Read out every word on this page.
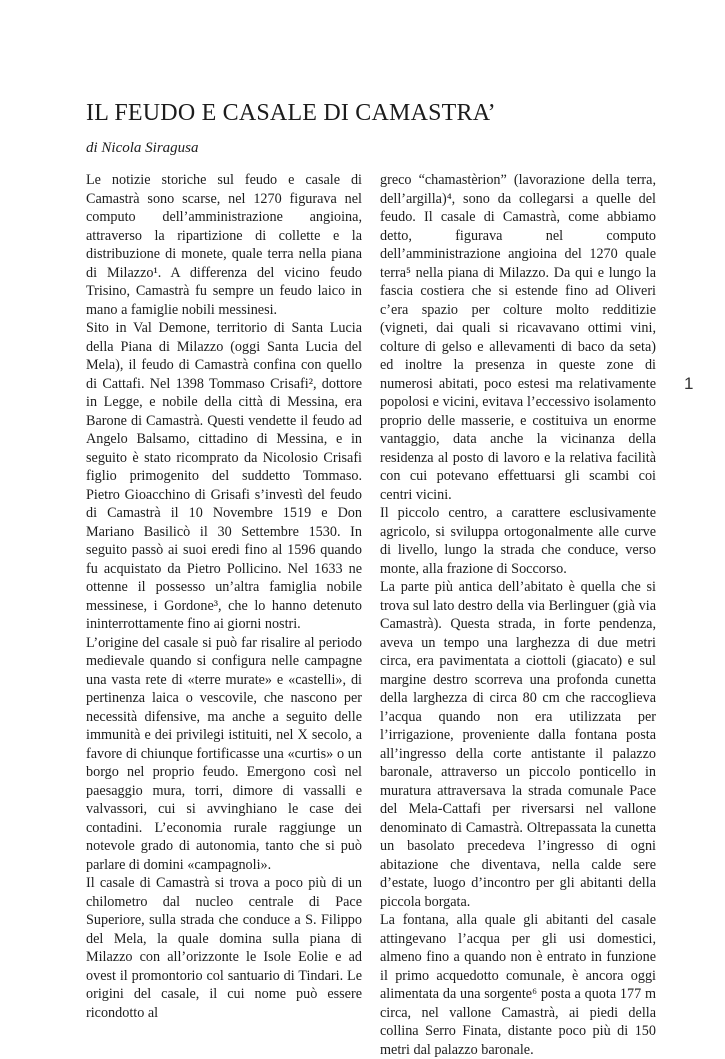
IL FEUDO E CASALE DI CAMASTRA’
di Nicola Siragusa

Le notizie storiche sul feudo e casale di Camastrà sono scarse, nel 1270 figurava nel computo dell’amministrazione angioina, attraverso la ripartizione di collette e la distribuzione di monete, quale terra nella piana di Milazzo¹. A differenza del vicino feudo Trisino, Camastrà fu sempre un feudo laico in mano a famiglie nobili messinesi.

Sito in Val Demone, territorio di Santa Lucia della Piana di Milazzo (oggi Santa Lucia del Mela), il feudo di Camastrà confina con quello di Cattafi. Nel 1398 Tommaso Crisafi², dottore in Legge, e nobile della città di Messina, era Barone di Camastrà. Questi vendette il feudo ad Angelo Balsamo, cittadino di Messina, e in seguito è stato ricomprato da Nicolosio Crisafi figlio primogenito del suddetto Tommaso. Pietro Gioacchino di Grisafi s’investì del feudo di Camastrà il 10 Novembre 1519 e Don Mariano Basilicò il 30 Settembre 1530. In seguito passò ai suoi eredi fino al 1596 quando fu acquistato da Pietro Pollicino. Nel 1633 ne ottenne il possesso un’altra famiglia nobile messinese, i Gordone³, che lo hanno detenuto ininterrottamente fino ai giorni nostri.

L’origine del casale si può far risalire al periodo medievale quando si configura nelle campagne una vasta rete di «terre murate» e «castelli», di pertinenza laica o vescovile, che nascono per necessità difensive, ma anche a seguito delle immunità e dei privilegi istituiti, nel X secolo, a favore di chiunque fortificasse una «curtis» o un borgo nel proprio feudo. Emergono così nel paesaggio mura, torri, dimore di vassalli e valvassori, cui si avvinghiano le case dei contadini. L’economia rurale raggiunge un notevole grado di autonomia, tanto che si può parlare di domini «campagnoli».

Il casale di Camastrà si trova a poco più di un chilometro dal nucleo centrale di Pace Superiore, sulla strada che conduce a S. Filippo del Mela, la quale domina sulla piana di Milazzo con all’orizzonte le Isole Eolie e ad ovest il promontorio col santuario di Tindari. Le origini del casale, il cui nome può essere ricondotto al

greco “chamastèrion” (lavorazione della terra, dell’argilla)⁴, sono da collegarsi a quelle del feudo. Il casale di Camastrà, come abbiamo detto, figurava nel computo dell’amministrazione angioina del 1270 quale terra⁵ nella piana di Milazzo. Da qui e lungo la fascia costiera che si estende fino ad Oliveri c’era spazio per colture molto redditizie (vigneti, dai quali si ricavavano ottimi vini, colture di gelso e allevamenti di baco da seta) ed inoltre la presenza in queste zone di numerosi abitati, poco estesi ma relativamente popolosi e vicini, evitava l’eccessivo isolamento proprio delle masserie, e costituiva un enorme vantaggio, data anche la vicinanza della residenza al posto di lavoro e la relativa facilità con cui potevano effettuarsi gli scambi coi centri vicini.

Il piccolo centro, a carattere esclusivamente agricolo, si sviluppa ortogonalmente alle curve di livello, lungo la strada che conduce, verso monte, alla frazione di Soccorso.

La parte più antica dell’abitato è quella che si trova sul lato destro della via Berlinguer (già via Camastrà). Questa strada, in forte pendenza, aveva un tempo una larghezza di due metri circa, era pavimentata a ciottoli (giacato) e sul margine destro scorreva una profonda cunetta della larghezza di circa 80 cm che raccoglieva l’acqua quando non era utilizzata per l’irrigazione, proveniente dalla fontana posta all’ingresso della corte antistante il palazzo baronale, attraverso un piccolo ponticello in muratura attraversava la strada comunale Pace del Mela-Cattafi per riversarsi nel vallone denominato di Camastrà. Oltrepassata la cunetta un basolato precedeva l’ingresso di ogni abitazione che diventava, nella calde sere d’estate, luogo d’incontro per gli abitanti della piccola borgata.

La fontana, alla quale gli abitanti del casale attingevano l’acqua per gli usi domestici, almeno fino a quando non è entrato in funzione il primo acquedotto comunale, è ancora oggi alimentata da una sorgente⁶ posta a quota 177 m circa, nel vallone Camastrà, ai piedi della collina Serro Finata, distante poco più di 150 metri dal palazzo baronale.

1
